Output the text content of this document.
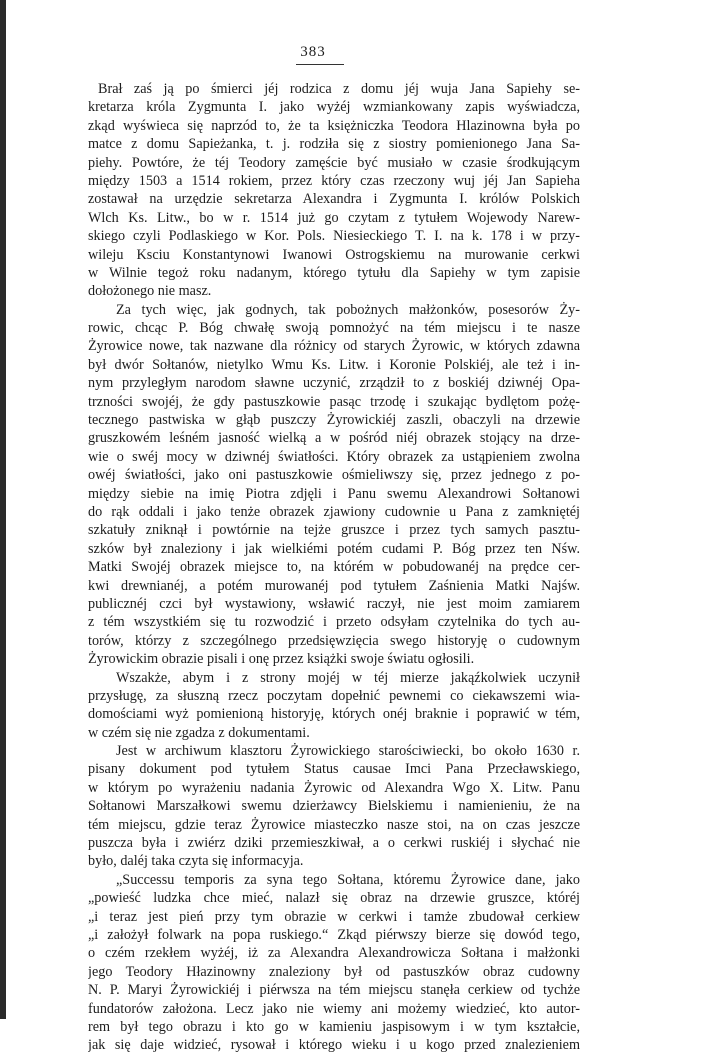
383
Brał zaś ją po śmierci jéj rodzica z domu jéj wuja Jana Sapiehy se-
kretarza króla Zygmunta I. jako wyżéj wzmiankowany zapis wyświadcza,
zkąd wyświeca się naprzód to, że ta księżniczka Teodora Hlazinowna była po
matce z domu Sapieżanka, t. j. rodziła się z siostry pomienionego Jana Sa-
piehy. Powtóre, że téj Teodory zamęście być musiało w czasie środkującym
między 1503 a 1514 rokiem, przez który czas rzeczony wuj jéj Jan Sapieha
zostawał na urzędzie sekretarza Alexandra i Zygmunta I. królów Polskich
Wlch Ks. Litw., bo w r. 1514 już go czytam z tytułem Wojewody Narew-
skiego czyli Podlaskiego w Kor. Pols. Niesieckiego T. I. na k. 178 i w przy-
wileju Ksciu Konstantynowi Iwanowi Ostrogskiemu na murowanie cerkwi
w Wilnie tegoż roku nadanym, którego tytułu dla Sapiehy w tym zapisie
dołożonego nie masz.
Za tych więc, jak godnych, tak pobożnych małżonków, posesorów Ży-
rowic, chcąc P. Bóg chwałę swoją pomnożyć na tém miejscu i te nasze
Żyrowice nowe, tak nazwane dla różnicy od starych Żyrowic, w których zdawna
był dwór Sołtanów, nietylko Wmu Ks. Litw. i Koronie Polskiéj, ale też i in-
nym przyległym narodom sławne uczynić, zrządził to z boskiéj dziwnéj Opa-
trzności swojéj, że gdy pastuszkowie pasąc trzodę i szukając bydlętom pożę-
tecznego pastwiska w głąb puszczy Żyrowickiéj zaszli, obaczyli na drzewie
gruszkowém leśném jasność wielką a w pośród niéj obrazek stojący na drze-
wie o swéj mocy w dziwnéj światłości. Który obrazek za ustąpieniem zwolna
owéj światłości, jako oni pastuszkowie ośmieliwszy się, przez jednego z po-
między siebie na imię Piotra zdjęli i Panu swemu Alexandrowi Sołtanowi
do rąk oddali i jako tenże obrazek zjawiony cudownie u Pana z zamkniętéj
szkatuły zniknął i powtórnie na tejże gruszce i przez tych samych pasztu-
szków był znaleziony i jak wielkiémi potém cudami P. Bóg przez ten Nśw.
Matki Swojéj obrazek miejsce to, na którém w pobudowanéj na prędce cer-
kwi drewnianéj, a potém murowanéj pod tytułem Zaśnienia Matki Najśw.
publicznéj czci był wystawiony, wsławić raczył, nie jest moim zamiarem
z tém wszystkiém się tu rozwodzić i przeto odsyłam czytelnika do tych au-
torów, którzy z szczególnego przedsięwzięcia swego historyję o cudownym
Żyrowickim obrazie pisali i onę przez książki swoje światu ogłosili.
Wszakże, abym i z strony mojéj w téj mierze jakąźkolwiek uczynił
przysługę, za słuszną rzecz poczytam dopełnić pewnemi co ciekawszemi wia-
domościami wyż pomienioną historyję, których onéj braknie i poprawić w tém,
w czém się nie zgadza z dokumentami.
Jest w archiwum klasztoru Żyrowickiego starościwiecki, bo około 1630 r.
pisany dokument pod tytułem Status causae Imci Pana Przecławskiego,
w którym po wyrażeniu nadania Żyrowic od Alexandra Wgo X. Litw. Panu
Sołtanowi Marszałkowi swemu dzierżawcy Bielskiemu i namienieniu, że na
tém miejscu, gdzie teraz Żyrowice miasteczko nasze stoi, na on czas jeszcze
puszcza była i zwiérz dziki przemieszkiwał, a o cerkwi ruskiéj i słychać nie
było, daléj taka czyta się informacyja.
„Successu temporis za syna tego Sołtana, któremu Żyrowice dane, jako
„powieść ludzka chce mieć, nalazł się obraz na drzewie gruszce, któréj
„i teraz jest pień przy tym obrazie w cerkwi i tamże zbudował cerkiew
„i założył folwark na popa ruskiego.“ Zkąd piérwszy bierze się dowód tego,
o czém rzekłem wyżéj, iż za Alexandra Alexandrowicza Sołtana i małżonki
jego Teodory Hłazinowny znaleziony był od pastuszków obraz cudowny
N. P. Maryi Żyrowickiéj i piérwsza na tém miejscu stanęła cerkiew od tychże
fundatorów założona. Lecz jako nie wiemy ani możemy wiedzieć, kto autor-
rem był tego obrazu i kto go w kamieniu jaspisowym i w tym kształcie,
jak się daje widzieć, rysował i którego wieku i u kogo przed znalezieniem
